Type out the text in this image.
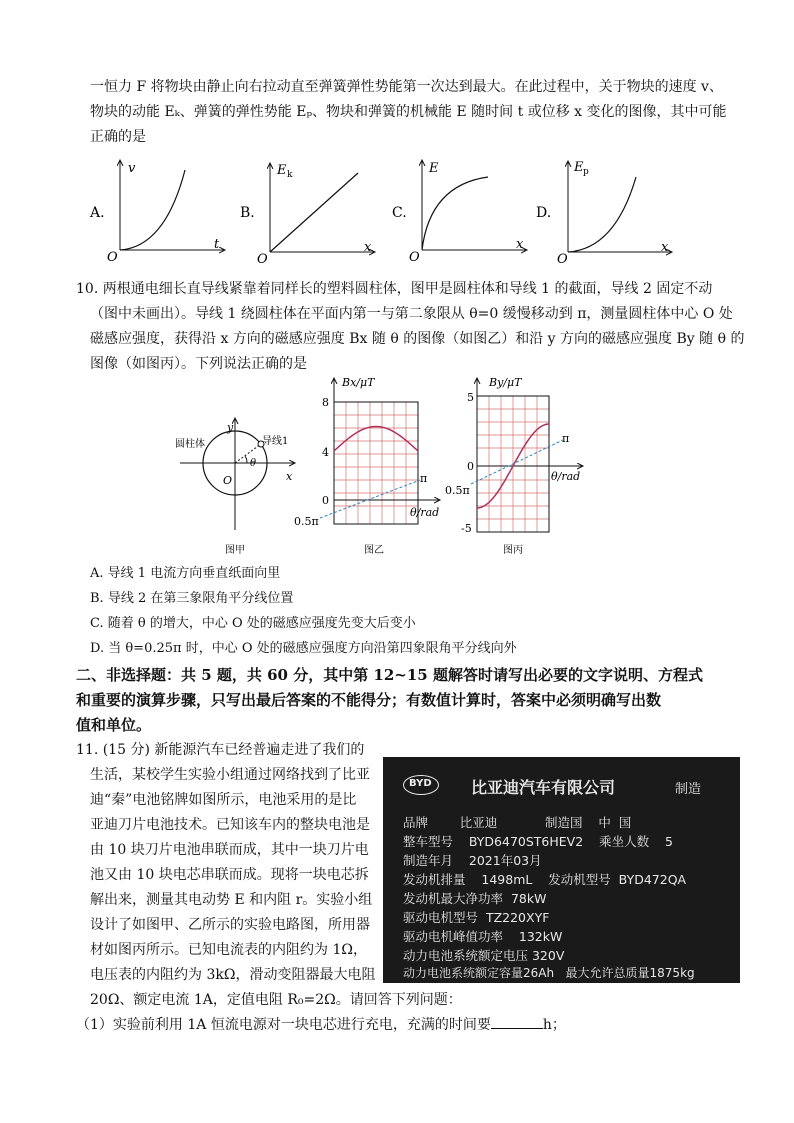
一恒力 F 将物块由静止向右拉动直至弹簧弹性势能第一次达到最大。在此过程中，关于物块的速度 v、
物块的动能 Eₖ、弹簧的弹性势能 Eₚ、物块和弹簧的机械能 E 随时间 t 或位移 x 变化的图像，其中可能
正确的是
A.
v
t
O
B.
E k
x
O
C.
E
x
O
D.
E p
x
O
10. 两根通电细长直导线紧靠着同样长的塑料圆柱体，图甲是圆柱体和导线 1 的截面，导线 2 固定不动
（图中未画出）。导线 1 绕圆柱体在平面内第一与第二象限从 θ=0 缓慢移动到 π，测量圆柱体中心 O 处
磁感应强度，获得沿 x 方向的磁感应强度 Bx 随 θ 的图像（如图乙）和沿 y 方向的磁感应强度 By 随 θ 的
图像（如图丙）。下列说法正确的是
圆柱体	导线1
y
x
O
θ
图甲
Bx/μT
8
4
0
0.5π
π
θ/rad
图乙
By/μT
5
0
-5
0.5π
π
θ/rad
图丙
A. 导线 1 电流方向垂直纸面向里
B. 导线 2 在第三象限角平分线位置
C. 随着 θ 的增大，中心 O 处的磁感应强度先变大后变小
D. 当 θ=0.25π 时，中心 O 处的磁感应强度方向沿第四象限角平分线向外
二、非选择题：共 5 题，共 60 分，其中第 12~15 题解答时请写出必要的文字说明、方程式
和重要的演算步骤，只写出最后答案的不能得分；有数值计算时，答案中必须明确写出数
值和单位。
11. (15 分) 新能源汽车已经普遍走进了我们的
生活，某校学生实验小组通过网络找到了比亚
迪“秦”电池铭牌如图所示，电池采用的是比
亚迪刀片电池技术。已知该车内的整块电池是
由 10 块刀片电池串联而成，其中一块刀片电
池又由 10 块电芯串联而成。现将一块电芯拆
解出来，测量其电动势 E 和内阻 r。实验小组
设计了如图甲、乙所示的实验电路图，所用器
材如图丙所示。已知电流表的内阻约为 1Ω，
电压表的内阻约为 3kΩ，滑动变阻器最大电阻
20Ω、额定电流 1A，定值电阻 R₀=2Ω。请回答下列问题：
（1）实验前利用 1A 恒流电源对一块电芯进行充电，充满的时间要	h；
BYD 比亚迪汽车有限公司	制造
品牌        比亚迪            制造国    中  国
整车型号    BYD6470ST6HEV2    乘坐人数    5
制造年月    2021年03月
发动机排量    1498mL    发动机型号  BYD472QA
发动机最大净功率  78kW
驱动电机型号  TZ220XYF
驱动电机峰值功率    132kW
动力电池系统额定电压 320V
动力电池系统额定容量26Ah   最大允许总质量1875kg
